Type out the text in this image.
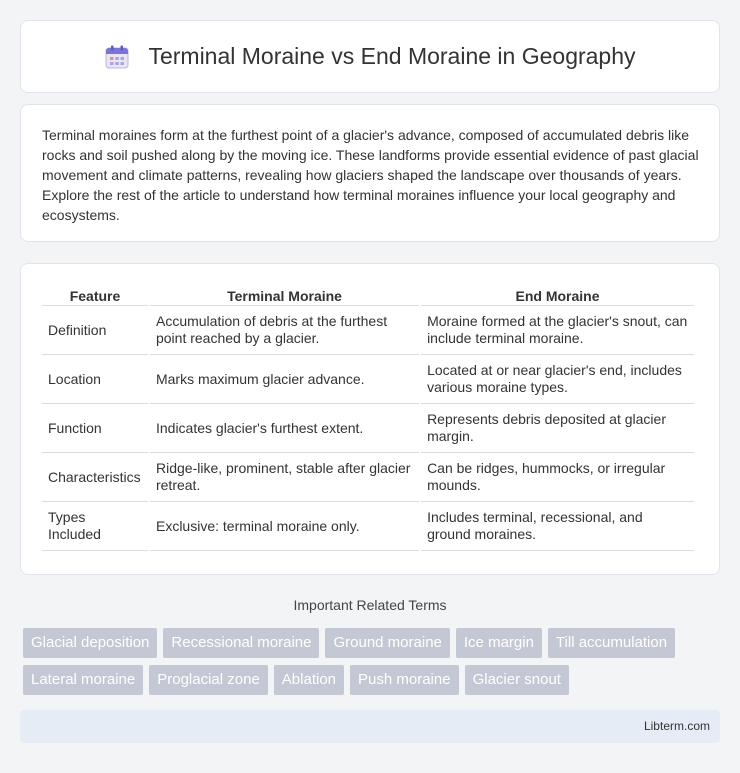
Terminal Moraine vs End Moraine in Geography

Terminal moraines form at the furthest point of a glacier's advance, composed of accumulated debris like rocks and soil pushed along by the moving ice. These landforms provide essential evidence of past glacial movement and climate patterns, revealing how glaciers shaped the landscape over thousands of years. Explore the rest of the article to understand how terminal moraines influence your local geography and ecosystems.

Feature	Terminal Moraine	End Moraine
Definition	Accumulation of debris at the furthest point reached by a glacier.	Moraine formed at the glacier's snout, can include terminal moraine.
Location	Marks maximum glacier advance.	Located at or near glacier's end, includes various moraine types.
Function	Indicates glacier's furthest extent.	Represents debris deposited at glacier margin.
Characteristics	Ridge-like, prominent, stable after glacier retreat.	Can be ridges, hummocks, or irregular mounds.
Types Included	Exclusive: terminal moraine only.	Includes terminal, recessional, and ground moraines.
Important Related Terms
Glacial deposition	Recessional moraine	Ground moraine	Ice margin	Till accumulation
Lateral moraine	Proglacial zone	Ablation	Push moraine	Glacier snout
Libterm.com
